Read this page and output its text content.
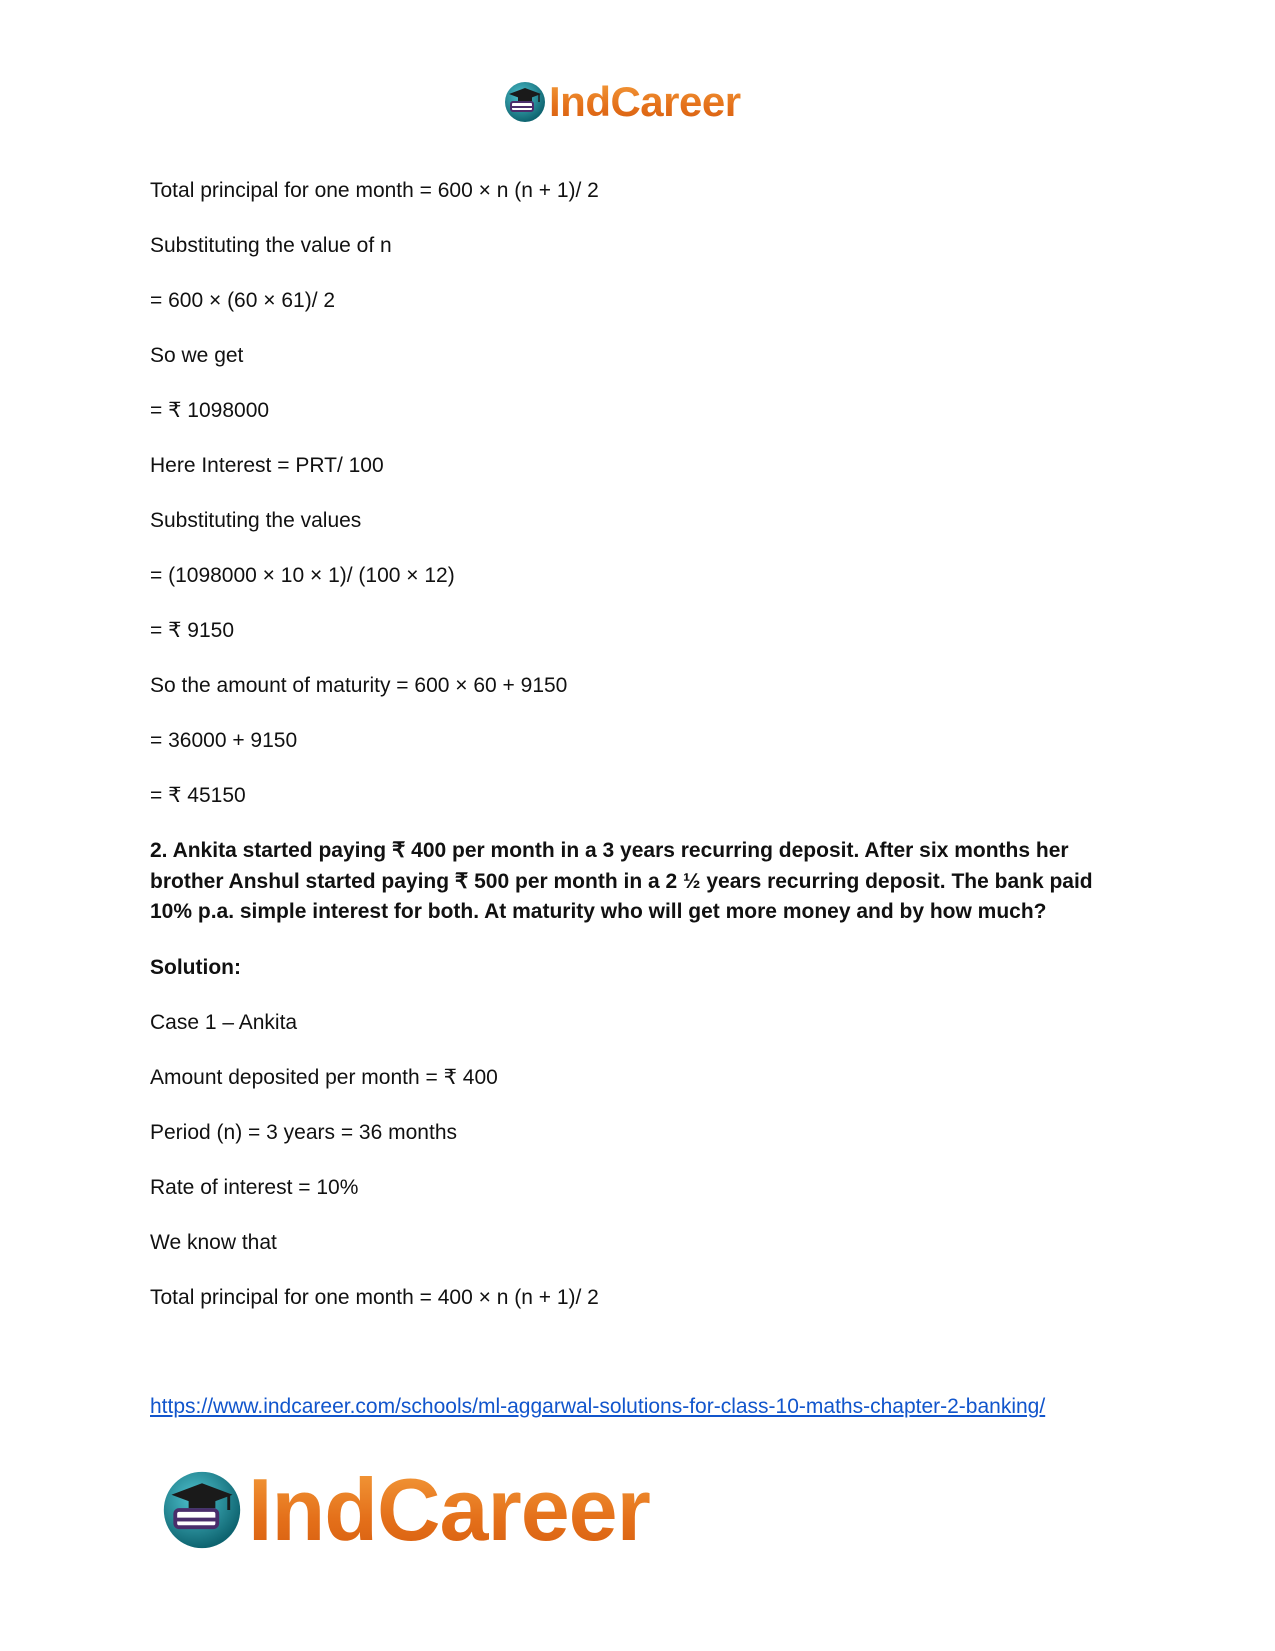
IndCareer
Total principal for one month = 600 × n (n + 1)/ 2
Substituting the value of n
= 600 × (60 × 61)/ 2
So we get
= ₹ 1098000
Here Interest = PRT/ 100
Substituting the values
= (1098000 × 10 × 1)/ (100 × 12)
= ₹ 9150
So the amount of maturity = 600 × 60 + 9150
= 36000 + 9150
= ₹ 45150
2. Ankita started paying ₹ 400 per month in a 3 years recurring deposit. After six months her brother Anshul started paying ₹ 500 per month in a 2 ½ years recurring deposit. The bank paid 10% p.a. simple interest for both. At maturity who will get more money and by how much?
Solution:
Case 1 – Ankita
Amount deposited per month = ₹ 400
Period (n) = 3 years = 36 months
Rate of interest = 10%
We know that
Total principal for one month = 400 × n (n + 1)/ 2
https://www.indcareer.com/schools/ml-aggarwal-solutions-for-class-10-maths-chapter-2-banking/
IndCareer
